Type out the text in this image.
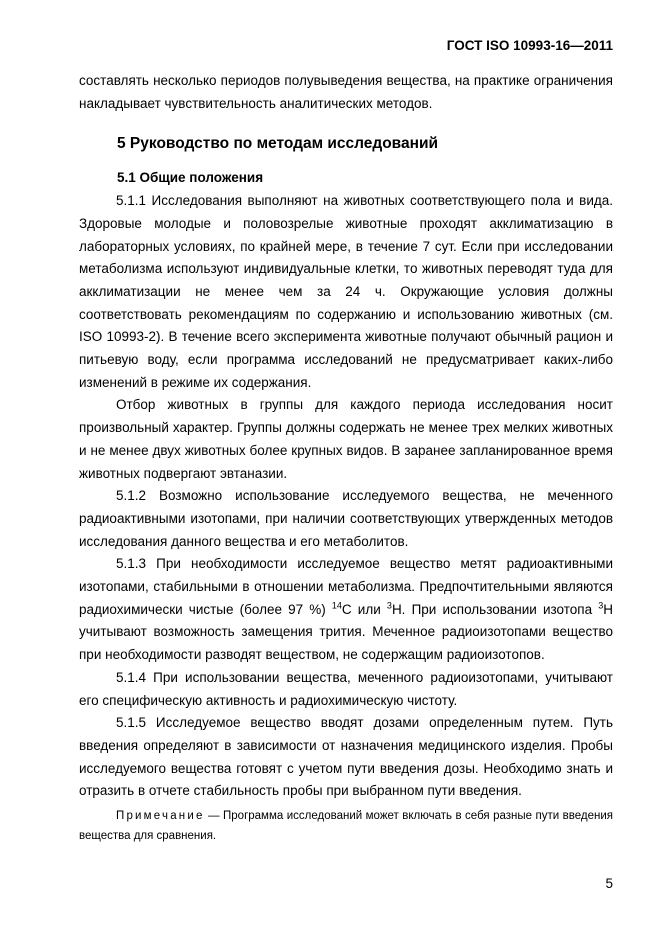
ГОСТ ISO 10993-16—2011

составлять несколько периодов полувыведения вещества, на практике ограничения накладывает чувствительность аналитических методов.

5 Руководство по методам исследований
5.1 Общие положения

5.1.1 Исследования выполняют на животных соответствующего пола и вида. Здоровые молодые и половозрелые животные проходят акклиматизацию в лабораторных условиях, по крайней мере, в течение 7 сут. Если при исследовании метаболизма используют индивидуальные клетки, то животных переводят туда для акклиматизации не менее чем за 24 ч. Окружающие условия должны соответствовать рекомендациям по содержанию и использованию животных (см. ISO 10993-2). В течение всего эксперимента животные получают обычный рацион и питьевую воду, если программа исследований не предусматривает каких-либо изменений в режиме их содержания.

Отбор животных в группы для каждого периода исследования носит произвольный характер. Группы должны содержать не менее трех мелких животных и не менее двух животных более крупных видов. В заранее запланированное время животных подвергают эвтаназии.

5.1.2 Возможно использование исследуемого вещества, не меченного радиоактивными изотопами, при наличии соответствующих утвержденных методов исследования данного вещества и его метаболитов.

5.1.3 При необходимости исследуемое вещество метят радиоактивными изотопами, стабильными в отношении метаболизма. Предпочтительными являются радиохимически чистые (более 97 %) $^{14}$С или $^3$Н. При использовании изотопа $^3$Н учитывают возможность замещения трития. Меченное радиоизотопами вещество при необходимости разводят веществом, не содержащим радиоизотопов.

5.1.4 При использовании вещества, меченного радиоизотопами, учитывают его специфическую активность и радиохимическую чистоту.

5.1.5 Исследуемое вещество вводят дозами определенным путем. Путь введения определяют в зависимости от назначения медицинского изделия. Пробы исследуемого вещества готовят с учетом пути введения дозы. Необходимо знать и отразить в отчете стабильность пробы при выбранном пути введения.

Примечание — Программа исследований может включать в себя разные пути введения вещества для сравнения.

5
